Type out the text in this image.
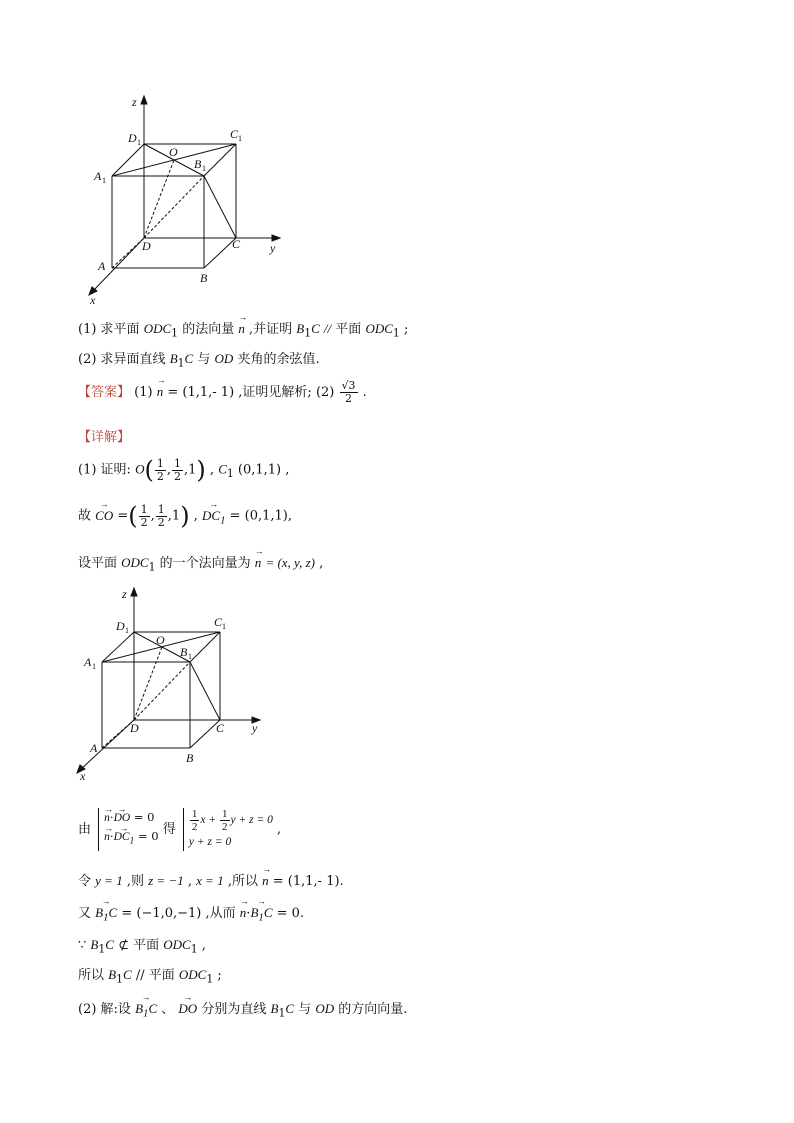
z
y
x
D 1
C 1
A 1
B 1
O
D	C
A
B
(1) 求平面 $ODC_1$ 的法向量 → n ,并证明 $B_1C$ // 平面 $ODC_1$ ;
(2) 求异面直线 $B_1C$ 与 OD 夹角的余弦值.
【答案】 (1) → n = (1,1,- 1) ,证明见解析; $(2) \frac{√3}{2}$ .
【详解】
(1) 证明: $O( \frac{1}{2}$ , $\frac{1}{2} ,1$) , $C_1$ (0,1,1) ,
故 → CO =( $\frac{1}{2}$ , $\frac{1}{2} ,1$) , → $DC_1 = (0,1,1)$,
设平面 $ODC_1$ 的一个法向量为 → n = (x, y, z) ,
z
y
x
D 1
C 1
A 1
B 1
O
D	C
A
B
由
→ n·→ DO = 0
→ $n\cdot\to DC_1 = 0$ 得 $\frac{1}{2}$ $x + \frac{1}{2}$ y + z = 0
y + z = 0
,
令 y = 1 ,则 z = −1 , x = 1 ,所以 → n = (1,1,- 1).
又 → $B_1C = (-1,0,-1)$ ,从而 → $n\cdot\to B_1C = 0$.
∵ $B_1C$ ⊄ 平面 $ODC_1$ ,
所以 $B_1C$ // 平面 $ODC_1$ ;
(2) 解:设 → $B_1C$ 、 → DO 分别为直线 $B_1C$ 与 OD 的方向向量.
